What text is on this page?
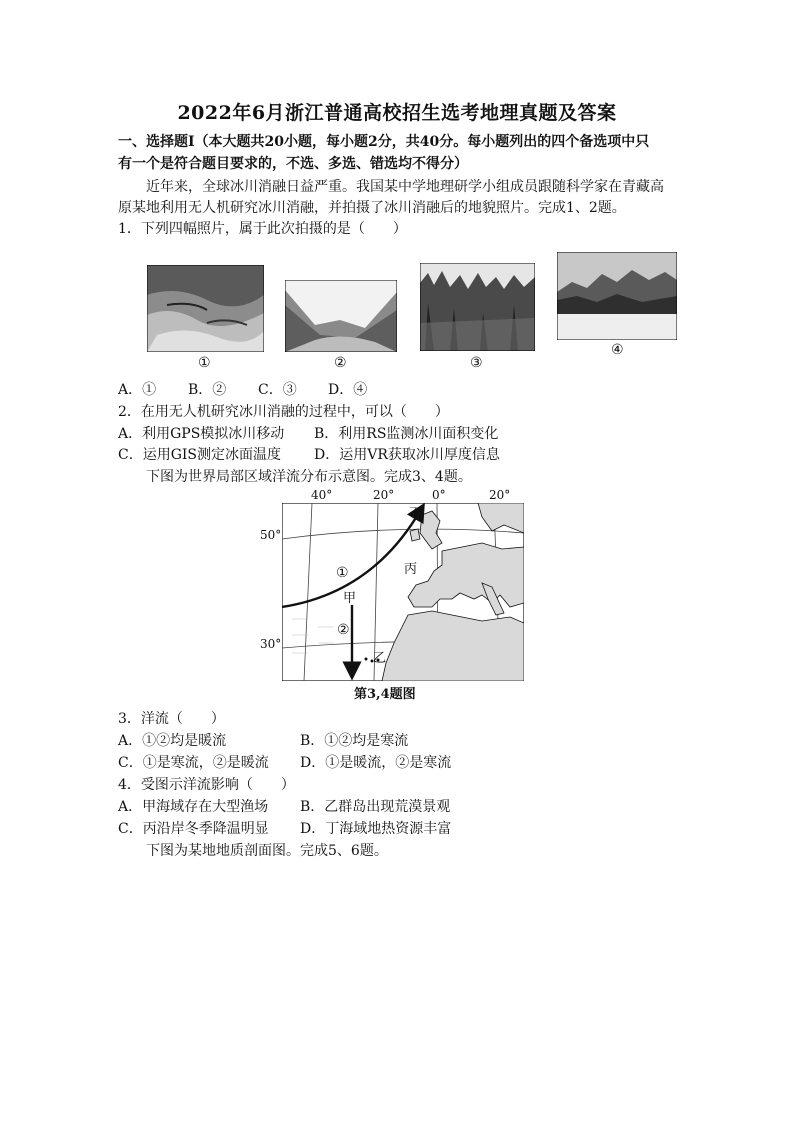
2022年6月浙江普通高校招生选考地理真题及答案
一、选择题Ⅰ（本大题共20小题，每小题2分，共40分。每小题列出的四个备选项中只
有一个是符合题目要求的，不选、多选、错选均不得分）
近年来，全球冰川消融日益严重。我国某中学地理研学小组成员跟随科学家在青藏高
原某地利用无人机研究冰川消融，并拍摄了冰川消融后的地貌照片。完成1、2题。
1．下列四幅照片，属于此次拍摄的是（　　）
①	②	③
④
A．① B．② C．③ D．④
2．在用无人机研究冰川消融的过程中，可以（　　）
A．利用GPS模拟冰川移动 B．利用RS监测冰川面积变化
C．运用GIS测定冰面温度 D．运用VR获取冰川厚度信息
下图为世界局部区域洋流分布示意图。完成3、4题。
40°	20°	0°	20°
50°
30°
丁
丙
甲
乙
①
②
第3,4题图
3．洋流（　　）
A．①②均是暖流	B．①②均是寒流
C．①是寒流，②是暖流 D．①是暖流，②是寒流
4．受图示洋流影响（　　）
A．甲海域存在大型渔场 B．乙群岛出现荒漠景观
C．丙沿岸冬季降温明显 D．丁海域地热资源丰富
下图为某地地质剖面图。完成5、6题。
